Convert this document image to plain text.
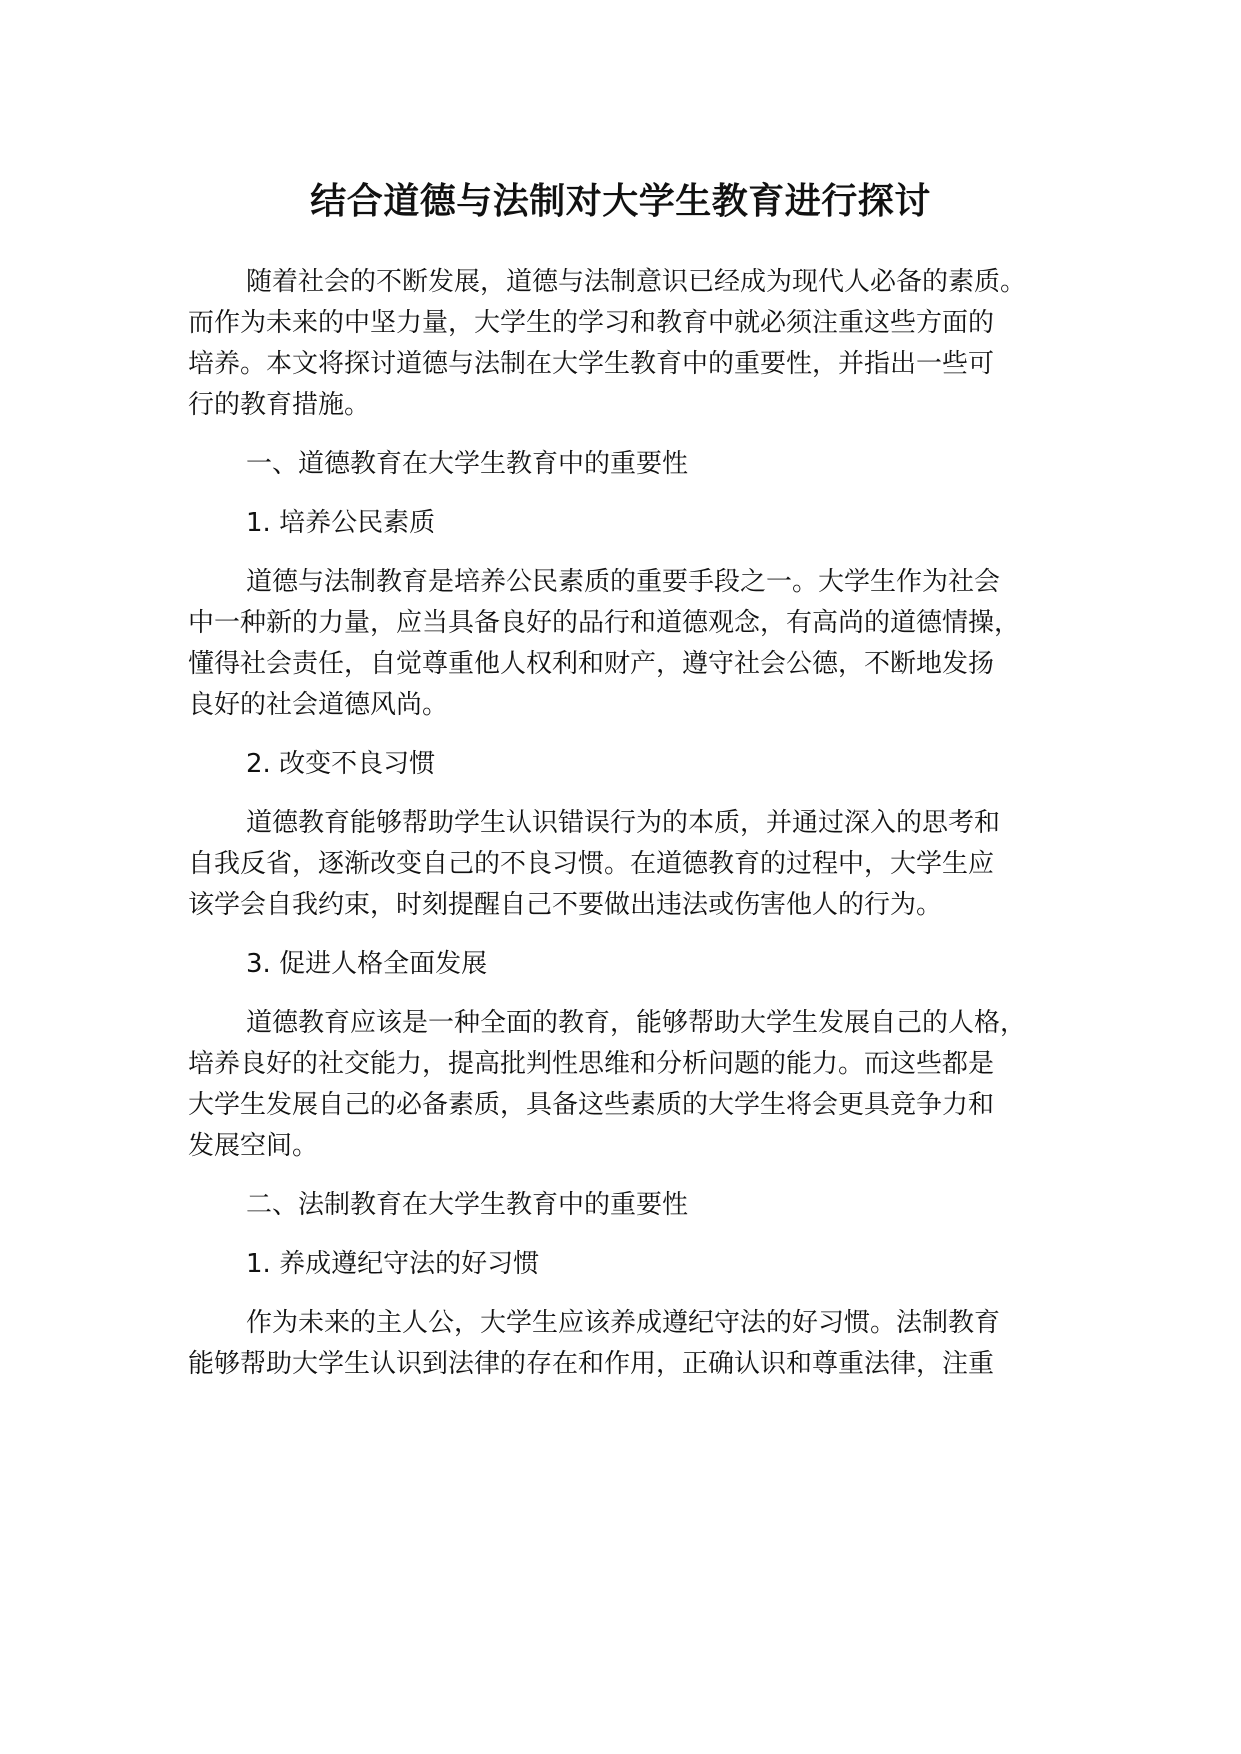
结合道德与法制对大学生教育进行探讨

随着社会的不断发展，道德与法制意识已经成为现代人必备的素质。

而作为未来的中坚力量，大学生的学习和教育中就必须注重这些方面的

培养。本文将探讨道德与法制在大学生教育中的重要性，并指出一些可

行的教育措施。

一、道德教育在大学生教育中的重要性

1. 培养公民素质

道德与法制教育是培养公民素质的重要手段之一。大学生作为社会

中一种新的力量，应当具备良好的品行和道德观念，有高尚的道德情操，

懂得社会责任，自觉尊重他人权利和财产，遵守社会公德，不断地发扬

良好的社会道德风尚。

2. 改变不良习惯

道德教育能够帮助学生认识错误行为的本质，并通过深入的思考和

自我反省，逐渐改变自己的不良习惯。在道德教育的过程中，大学生应

该学会自我约束，时刻提醒自己不要做出违法或伤害他人的行为。

3. 促进人格全面发展

道德教育应该是一种全面的教育，能够帮助大学生发展自己的人格，

培养良好的社交能力，提高批判性思维和分析问题的能力。而这些都是

大学生发展自己的必备素质，具备这些素质的大学生将会更具竞争力和

发展空间。

二、法制教育在大学生教育中的重要性

1. 养成遵纪守法的好习惯

作为未来的主人公，大学生应该养成遵纪守法的好习惯。法制教育

能够帮助大学生认识到法律的存在和作用，正确认识和尊重法律，注重
